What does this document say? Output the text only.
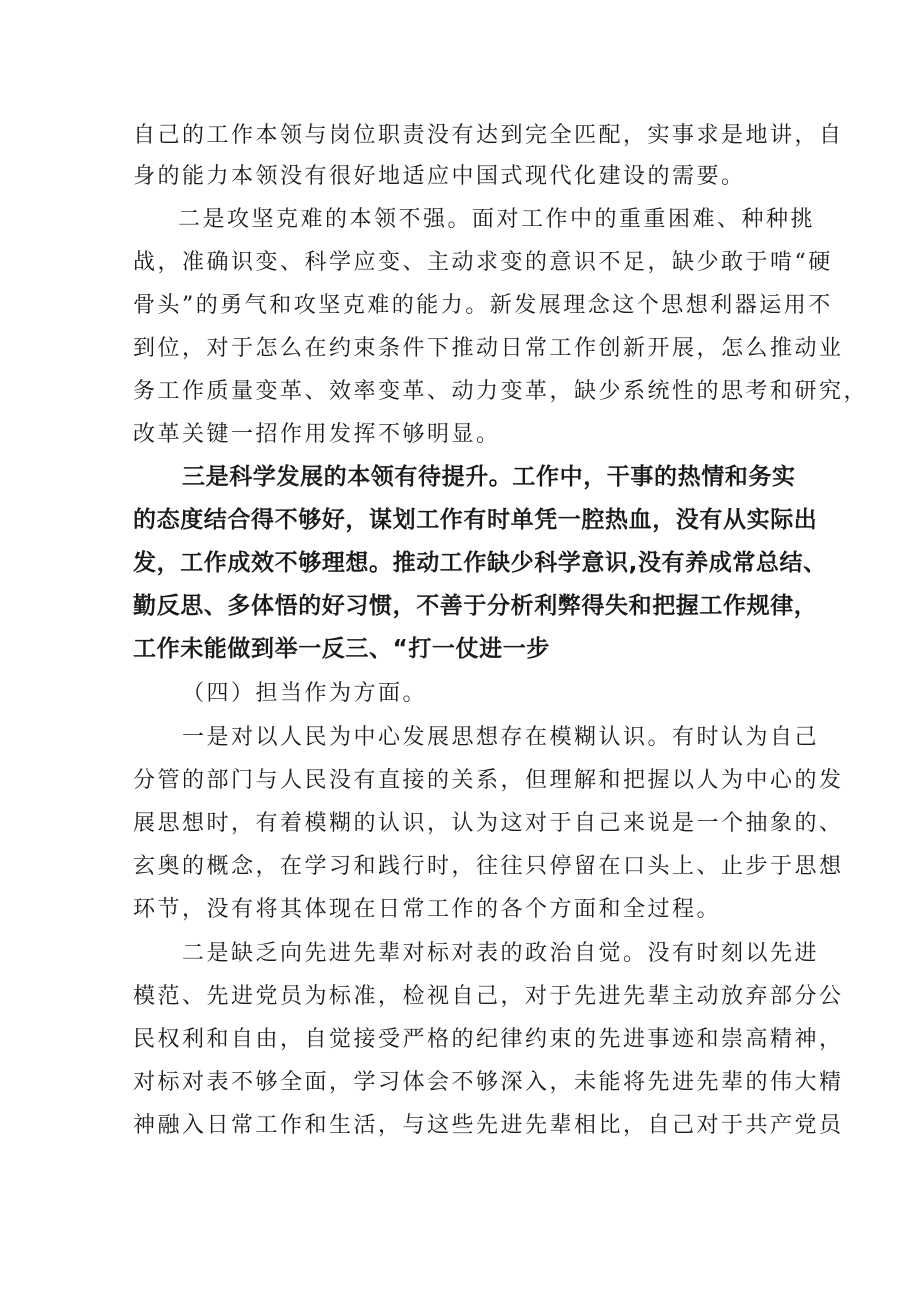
自己的工作本领与岗位职责没有达到完全匹配，实事求是地讲，自
身的能力本领没有很好地适应中国式现代化建设的需要。
二是攻坚克难的本领不强。面对工作中的重重困难、种种挑
战，准确识变、科学应变、主动求变的意识不足，缺少敢于啃“硬
骨头”的勇气和攻坚克难的能力。新发展理念这个思想利器运用不
到位，对于怎么在约束条件下推动日常工作创新开展，怎么推动业
务工作质量变革、效率变革、动力变革，缺少系统性的思考和研究，
改革关键一招作用发挥不够明显。
三是科学发展的本领有待提升。工作中，干事的热情和务实
的态度结合得不够好，谋划工作有时单凭一腔热血，没有从实际出
发，工作成效不够理想。推动工作缺少科学意识,没有养成常总结、
勤反思、多体悟的好习惯，不善于分析利弊得失和把握工作规律，
工作未能做到举一反三、“打一仗进一步
（四）担当作为方面。
一是对以人民为中心发展思想存在模糊认识。有时认为自己
分管的部门与人民没有直接的关系，但理解和把握以人为中心的发
展思想时，有着模糊的认识，认为这对于自己来说是一个抽象的、
玄奥的概念，在学习和践行时，往往只停留在口头上、止步于思想
环节，没有将其体现在日常工作的各个方面和全过程。
二是缺乏向先进先辈对标对表的政治自觉。没有时刻以先进
模范、先进党员为标准，检视自己，对于先进先辈主动放弃部分公
民权利和自由，自觉接受严格的纪律约束的先进事迹和崇高精神，
对标对表不够全面，学习体会不够深入，未能将先进先辈的伟大精
神融入日常工作和生活，与这些先进先辈相比，自己对于共产党员
